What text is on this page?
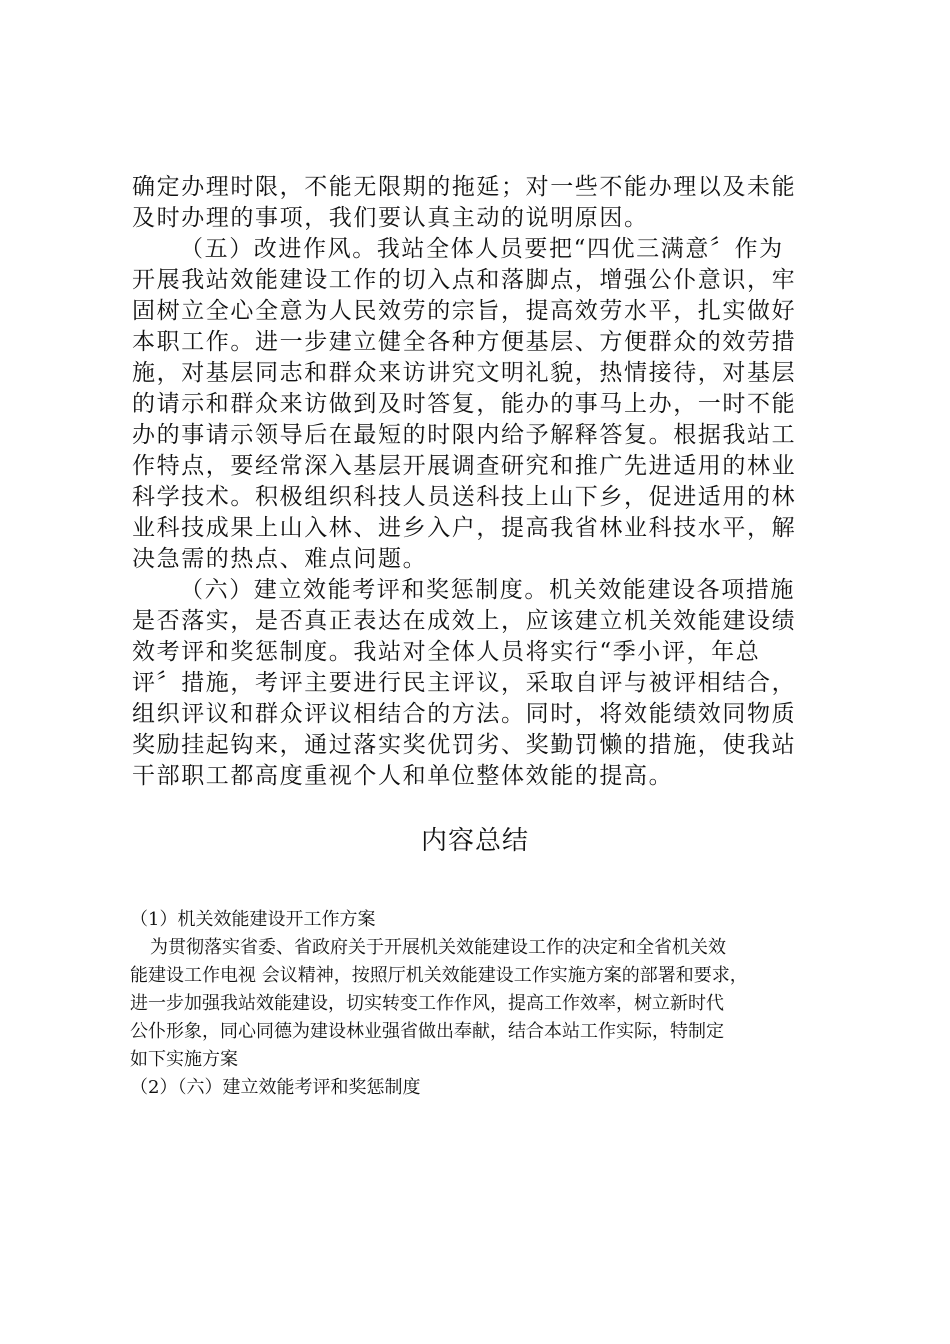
确定办理时限，不能无限期的拖延；对一些不能办理以及未能
及时办理的事项，我们要认真主动的说明原因。
（五）改进作风。我站全体人员要把“四优三满意〞作为
开展我站效能建设工作的切入点和落脚点，增强公仆意识，牢
固树立全心全意为人民效劳的宗旨，提高效劳水平，扎实做好
本职工作。进一步建立健全各种方便基层、方便群众的效劳措
施，对基层同志和群众来访讲究文明礼貌，热情接待，对基层
的请示和群众来访做到及时答复，能办的事马上办，一时不能
办的事请示领导后在最短的时限内给予解释答复。根据我站工
作特点，要经常深入基层开展调查研究和推广先进适用的林业
科学技术。积极组织科技人员送科技上山下乡，促进适用的林
业科技成果上山入林、进乡入户，提高我省林业科技水平，解
决急需的热点、难点问题。
（六）建立效能考评和奖惩制度。机关效能建设各项措施
是否落实，是否真正表达在成效上，应该建立机关效能建设绩
效考评和奖惩制度。我站对全体人员将实行“季小评，年总
评〞措施，考评主要进行民主评议，采取自评与被评相结合，
组织评议和群众评议相结合的方法。同时，将效能绩效同物质
奖励挂起钩来，通过落实奖优罚劣、奖勤罚懒的措施，使我站
干部职工都高度重视个人和单位整体效能的提高。
内容总结
（1）机关效能建设开工作方案
为贯彻落实省委、省政府关于开展机关效能建设工作的决定和全省机关效
能建设工作电视 会议精神，按照厅机关效能建设工作实施方案的部署和要求，
进一步加强我站效能建设，切实转变工作作风，提高工作效率，树立新时代
公仆形象，同心同德为建设林业强省做出奉献，结合本站工作实际，特制定
如下实施方案
（2）（六）建立效能考评和奖惩制度
